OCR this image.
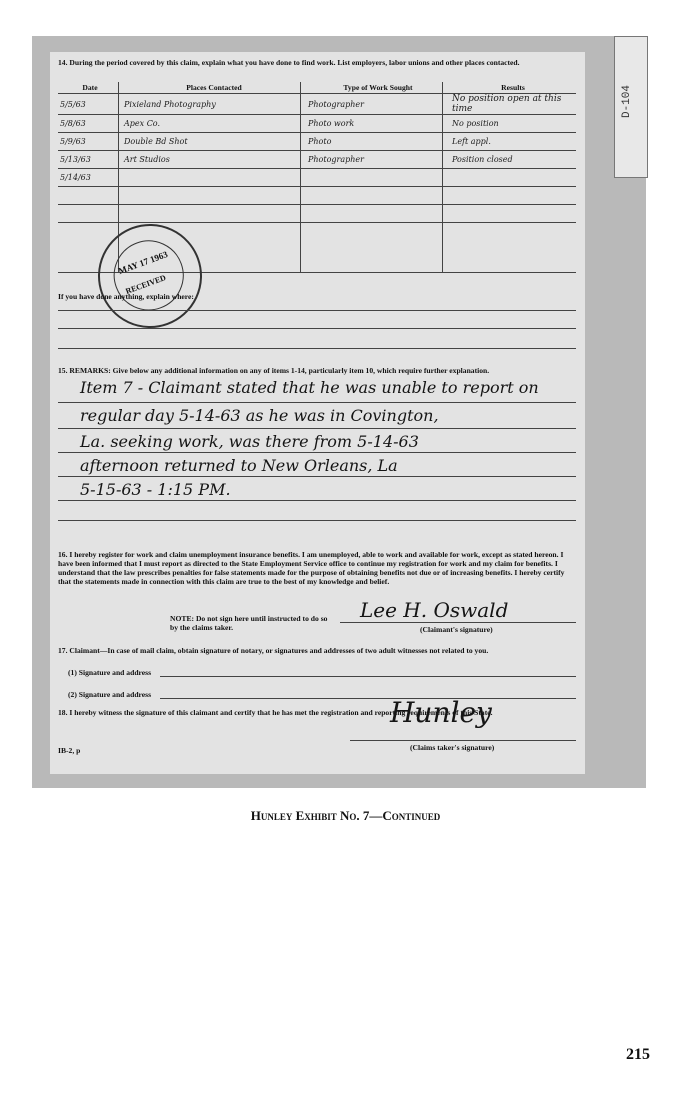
D-104
14. During the period covered by this claim, explain what you have done to find work. List employers, labor unions and other places contacted.
Date	Places Contacted	Type of Work Sought	Results
5/5/63	Pixieland Photography	Photographer	No position open at this time
5/8/63	Apex Co.	Photo work	No position
5/9/63	Double Bd Shot	Photo	Left appl.
5/13/63	Art Studios	Photographer	Position closed
5/14/63			

MAY 17 1963
RECEIVED
If you have done anything, explain where:
15. REMARKS: Give below any additional information on any of items 1-14, particularly item 10, which require further explanation.
Item 7 - Claimant stated that he was unable to report on
regular day 5-14-63 as he was in Covington,
La. seeking work, was there from 5-14-63
afternoon returned to New Orleans, La
5-15-63 - 1:15 PM.
16. I hereby register for work and claim unemployment insurance benefits. I am unemployed, able to work and available for work, except as stated hereon. I have been informed that I must report as directed to the State Employment Service office to continue my registration for work and my claim for benefits. I understand that the law prescribes penalties for false statements made for the purpose of obtaining benefits not due or of increasing benefits. I hereby certify that the statements made in connection with this claim are true to the best of my knowledge and belief.
NOTE: Do not sign here until instructed to do so by the claims taker.
Lee H. Oswald
(Claimant's signature)
17. Claimant—In case of mail claim, obtain signature of notary, or signatures and addresses of two adult witnesses not related to you.
(1) Signature and address
(2) Signature and address
18. I hereby witness the signature of this claimant and certify that he has met the registration and reporting requirements of this State.
Hunley
(Claims taker's signature)
IB-2, p
Hunley Exhibit No. 7—Continued
215
